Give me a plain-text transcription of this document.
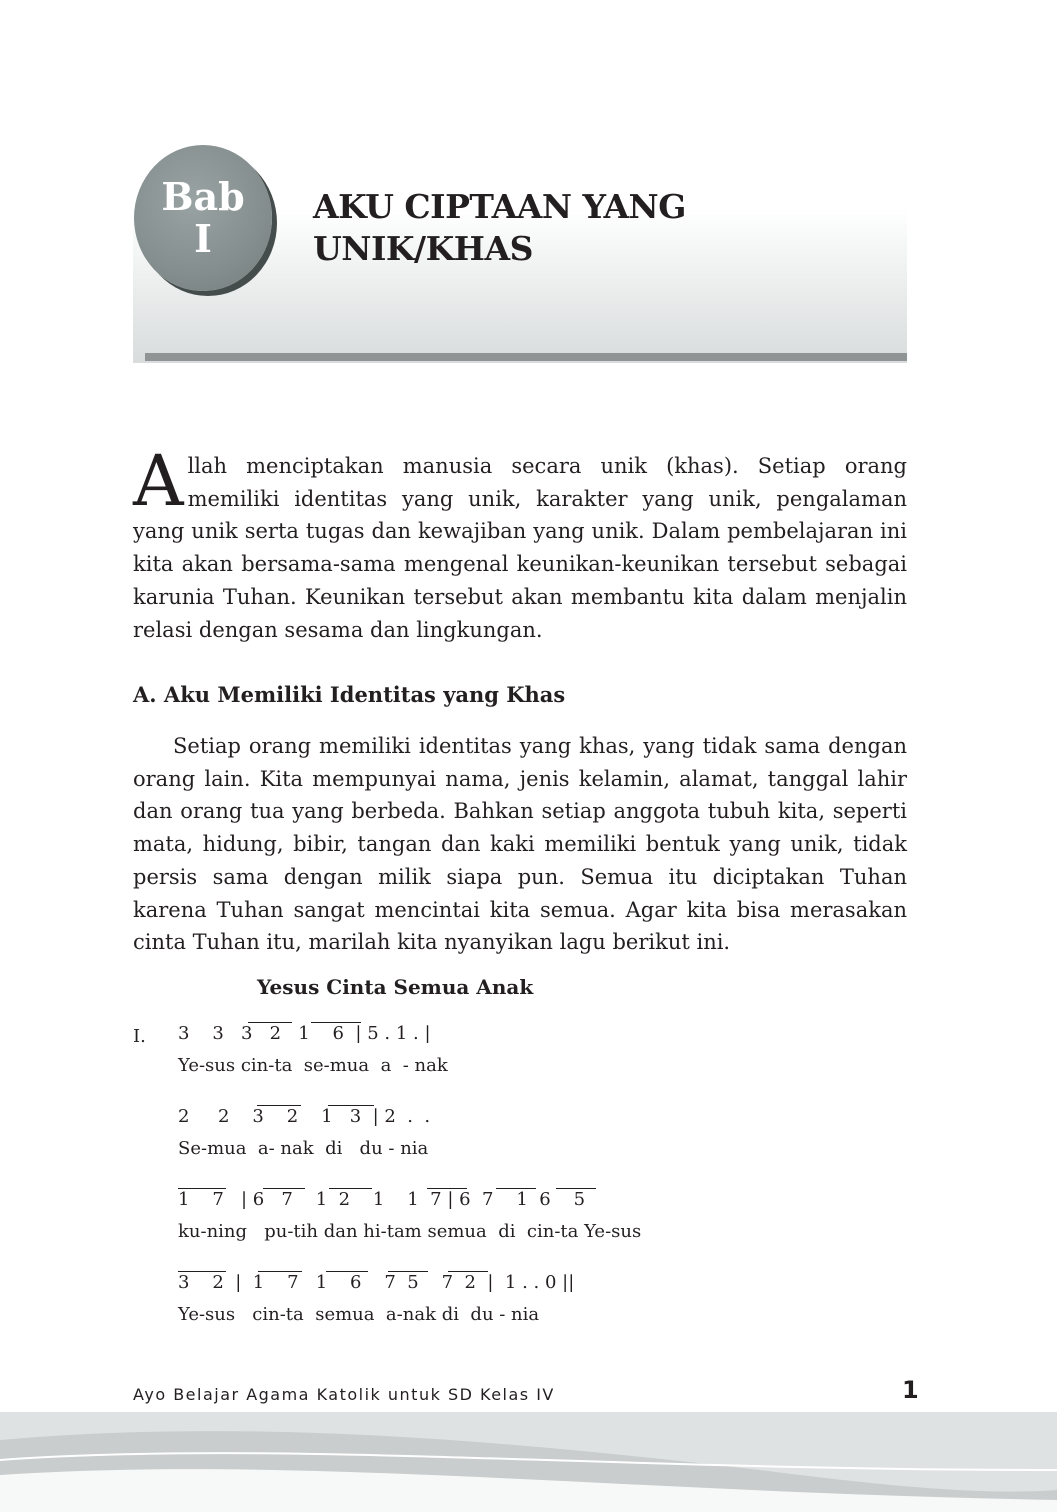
Bab
I
AKU CIPTAAN YANG
UNIK/KHAS

Allah menciptakan manusia secara unik (khas). Setiap orang memiliki identitas yang unik, karakter yang unik, pengalaman yang unik serta tugas dan kewajiban yang unik. Dalam pembelajaran ini kita akan bersama-sama mengenal keunikan-keunikan tersebut sebagai karunia Tuhan. Keunikan tersebut akan membantu kita dalam menjalin relasi dengan sesama dan lingkungan.

A. Aku Memiliki Identitas yang Khas

Setiap orang memiliki identitas yang khas, yang tidak sama dengan orang lain. Kita mempunyai nama, jenis kelamin, alamat, tanggal lahir dan orang tua yang berbeda. Bahkan setiap anggota tubuh kita, seperti mata, hidung, bibir, tangan dan kaki memiliki bentuk yang unik, tidak persis sama dengan milik siapa pun. Semua itu diciptakan Tuhan karena Tuhan sangat mencintai kita semua. Agar kita bisa merasakan cinta Tuhan itu, marilah kita nyanyikan lagu berikut ini.

Yesus Cinta Semua Anak
I. 3    3   3   2   1    6  | 5 . 1 . |
Ye-sus cin-ta  se-mua  a  - nak
2     2    3    2    1   3  | 2  .  .
Se-mua  a- nak  di   du - nia
1    7   | 6   7    1  2    1    1  7 | 6  7    1  6    5
ku-ning   pu-tih dan hi-tam semua  di  cin-ta Ye-sus
3    2  |  1    7   1    6    7  5    7  2  |  1 . . 0 ||
Ye-sus   cin-ta  semua  a-nak di  du - nia

Ayo Belajar Agama Katolik untuk SD Kelas IV	1
